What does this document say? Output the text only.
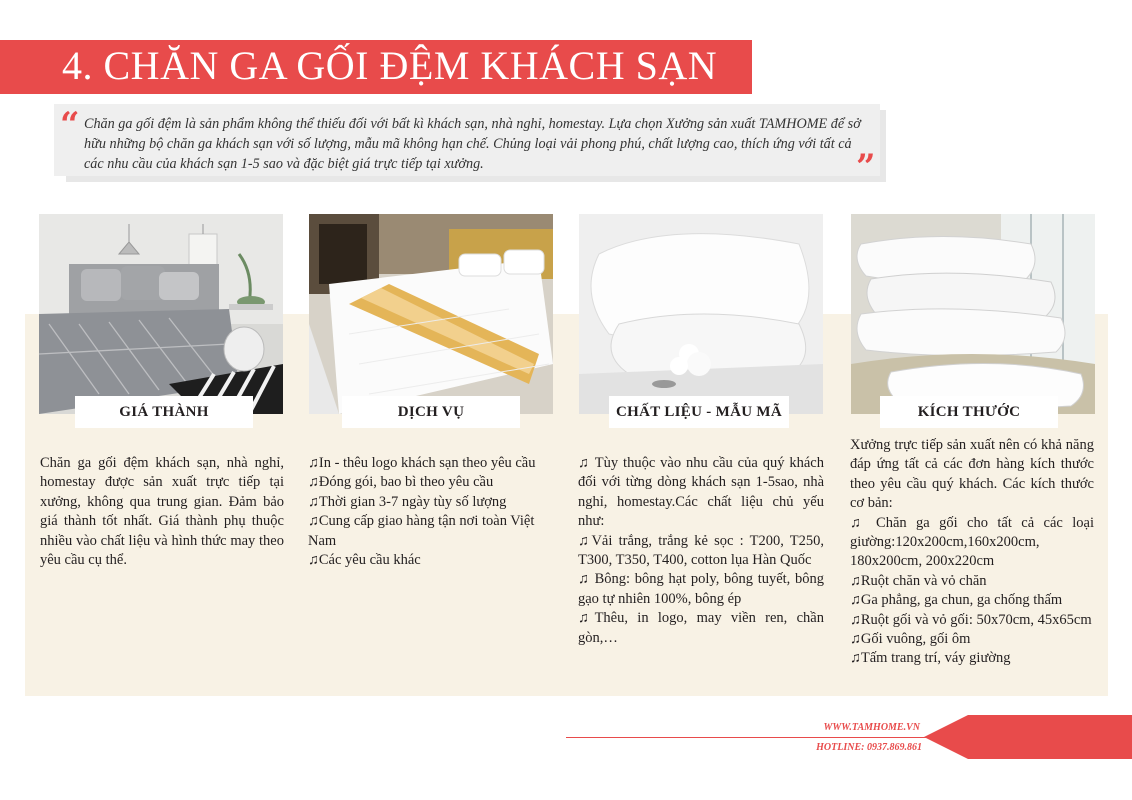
4. CHĂN GA GỐI ĐỆM KHÁCH SẠN
“ Chăn ga gối đệm là sản phẩm không thể thiếu đối với bất kì khách sạn, nhà nghỉ, homestay. Lựa chọn Xưởng sản xuất TAMHOME để sở hữu những bộ chăn ga khách sạn với số lượng, mẫu mã không hạn chế. Chủng loại vải phong phú, chất lượng cao, thích ứng với tất cả các nhu cầu của khách sạn 1-5 sao và đặc biệt giá trực tiếp tại xưởng.	”
GIÁ THÀNH	DỊCH VỤ	CHẤT LIỆU - MẪU MÃ	KÍCH THƯỚC

Chăn ga gối đệm khách sạn, nhà nghỉ, homestay được sản xuất trực tiếp tại xưởng, không qua trung gian. Đảm bảo giá thành tốt nhất. Giá thành phụ thuộc nhiều vào chất liệu và hình thức may theo yêu cầu cụ thể.

♫In - thêu logo khách sạn theo yêu cầu

♫Đóng gói, bao bì theo yêu cầu

♫Thời gian 3-7 ngày tùy số lượng

♫Cung cấp giao hàng tận nơi toàn Việt Nam

♫Các yêu cầu khác

♫ Tùy thuộc vào nhu cầu của quý khách đối với từng dòng khách sạn 1-5sao, nhà nghỉ, homestay.Các chất liệu chủ yếu như:

♫Vải trắng, trắng kẻ sọc : T200, T250, T300, T350, T400, cotton lụa Hàn Quốc

♫ Bông: bông hạt poly, bông tuyết, bông gạo tự nhiên 100%, bông ép

♫Thêu, in logo, may viền ren, chần gòn,…

Xưởng trực tiếp sản xuất nên có khả năng đáp ứng tất cả các đơn hàng kích thước theo yêu cầu quý khách. Các kích thước cơ bản:

♫ Chăn ga gối cho tất cả các loại giường:120x200cm,160x200cm, 180x200cm, 200x220cm

♫Ruột chăn và vỏ chăn

♫Ga phẳng, ga chun, ga chống thấm

♫Ruột gối và vỏ gối: 50x70cm, 45x65cm

♫Gối vuông, gối ôm

♫Tấm trang trí, váy giường

WWW.TAMHOME.VN
HOTLINE: 0937.869.861
